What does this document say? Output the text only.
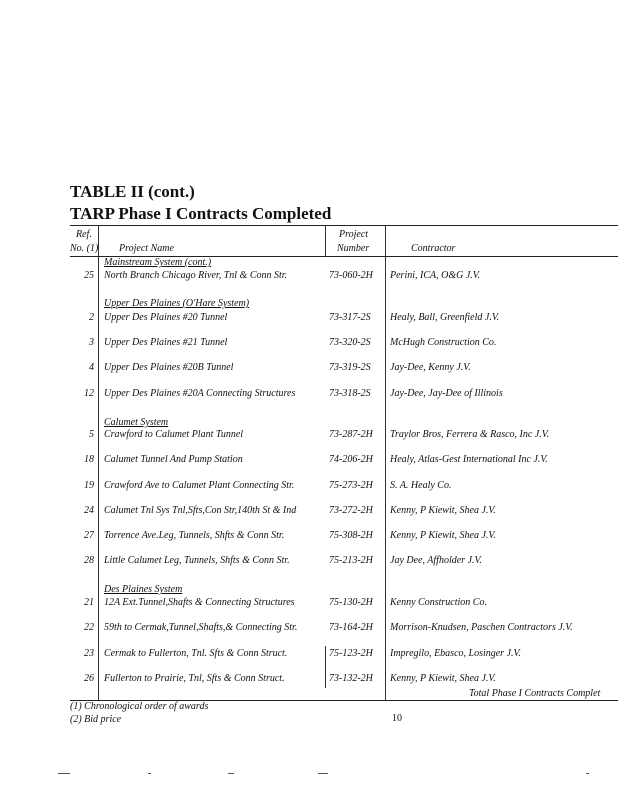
TABLE II (cont.)
TARP Phase I Contracts Completed
Ref.
No. (1) Project Name
Project
Number	Contractor
Mainstream System (cont.)
Upper Des Plaines (O'Hare System)
Calumet System
Des Plaines System
25 North Branch Chicago River, Tnl & Conn Str.	73-060-2H Perini, ICA, O&G J.V.
2 Upper Des Plaines #20 Tunnel	73-317-2S Healy, Ball, Greenfield J.V.
3 Upper Des Plaines #21 Tunnel	73-320-2S McHugh Construction Co.
4 Upper Des Plaines #20B Tunnel	73-319-2S Jay-Dee, Kenny J.V.
12 Upper Des Plaines #20A Connecting Structures	73-318-2S Jay-Dee, Jay-Dee of Illinois
5 Crawford to Calumet Plant Tunnel	73-287-2H Traylor Bros, Ferrera & Rasco, Inc J.V.
18 Calumet Tunnel And Pump Station	74-206-2H Healy, Atlas-Gest International Inc J.V.
19 Crawford Ave to Calumet Plant Connecting Str.	75-273-2H S. A. Healy Co.
24 Calumet Tnl Sys Tnl,Sfts,Con Str,140th St & Ind	73-272-2H Kenny, P Kiewit, Shea J.V.
27 Torrence Ave.Leg, Tunnels, Shfts & Conn Str.	75-308-2H Kenny, P Kiewit, Shea J.V.
28 Little Calumet Leg, Tunnels, Shfts & Conn Str.	75-213-2H Jay Dee, Affholder J.V.
21 12A Ext.Tunnel,Shafts & Connecting Structures	75-130-2H Kenny Construction Co.
22 59th to Cermak,Tunnel,Shafts,& Connecting Str.	73-164-2H Morrison-Knudsen, Paschen Contractors J.V.
23 Cermak to Fullerton, Tnl. Sfts & Conn Struct.	75-123-2H Impregilo, Ebasco, Losinger J.V.
26 Fullerton to Prairie, Tnl, Sfts & Conn Struct.	73-132-2H Kenny, P Kiewit, Shea J.V.
Total Phase I Contracts Complet
(1) Chronological order of awards
(2) Bid price	10
